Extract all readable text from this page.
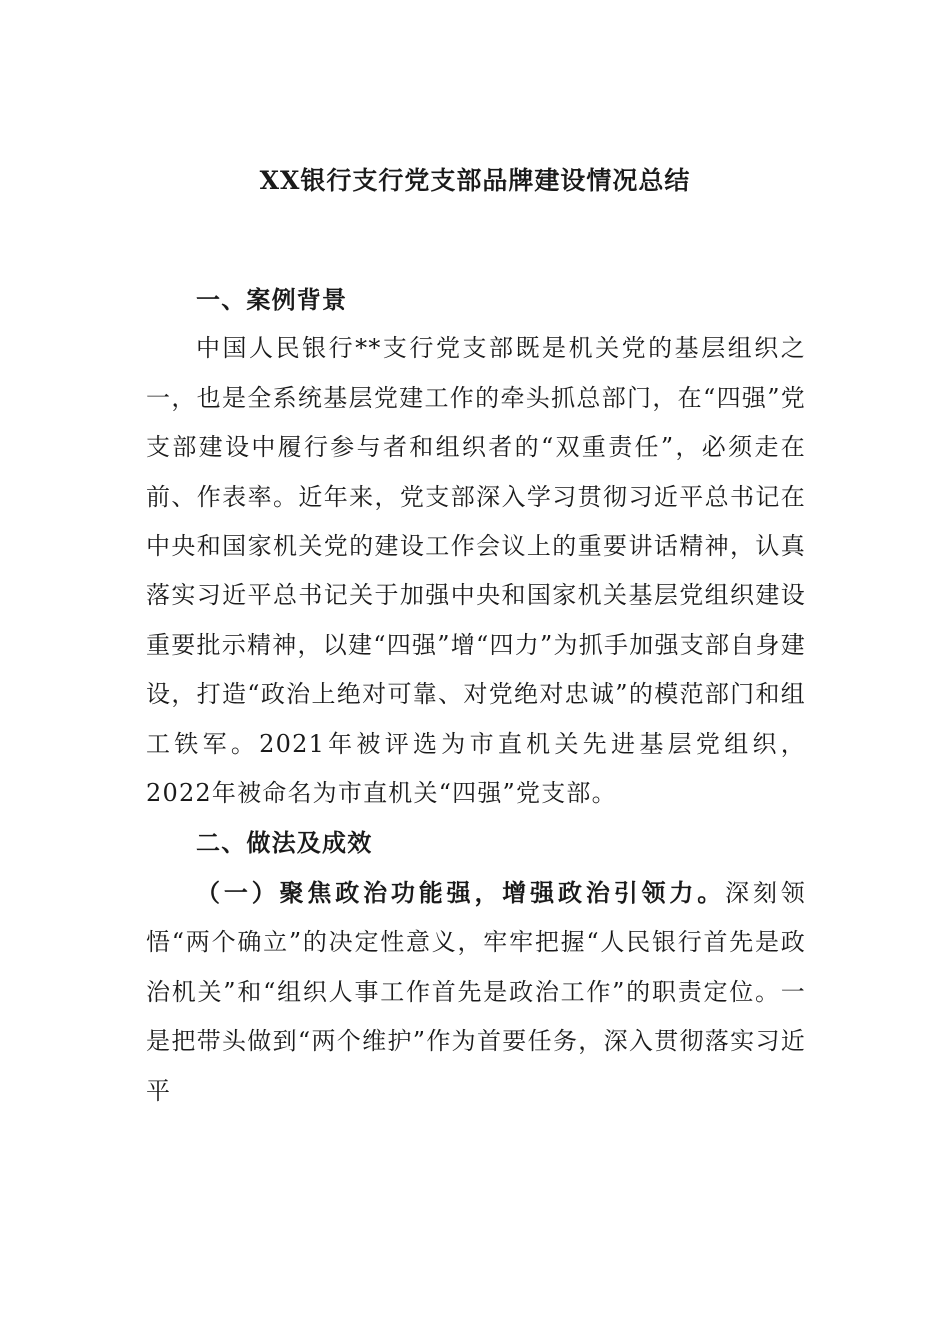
XX银行支行党支部品牌建设情况总结

一、案例背景

中国人民银行**支行党支部既是机关党的基层组织之一，也是全系统基层党建工作的牵头抓总部门，在“四强”党支部建设中履行参与者和组织者的“双重责任”，必须走在前、作表率。近年来，党支部深入学习贯彻习近平总书记在中央和国家机关党的建设工作会议上的重要讲话精神，认真落实习近平总书记关于加强中央和国家机关基层党组织建设重要批示精神，以建“四强”增“四力”为抓手加强支部自身建设，打造“政治上绝对可靠、对党绝对忠诚”的模范部门和组工铁军。2021年被评选为市直机关先进基层党组织，2022年被命名为市直机关“四强”党支部。

二、做法及成效

（一）聚焦政治功能强，增强政治引领力。深刻领悟“两个确立”的决定性意义，牢牢把握“人民银行首先是政治机关”和“组织人事工作首先是政治工作”的职责定位。一是把带头做到“两个维护”作为首要任务，深入贯彻落实习近平
